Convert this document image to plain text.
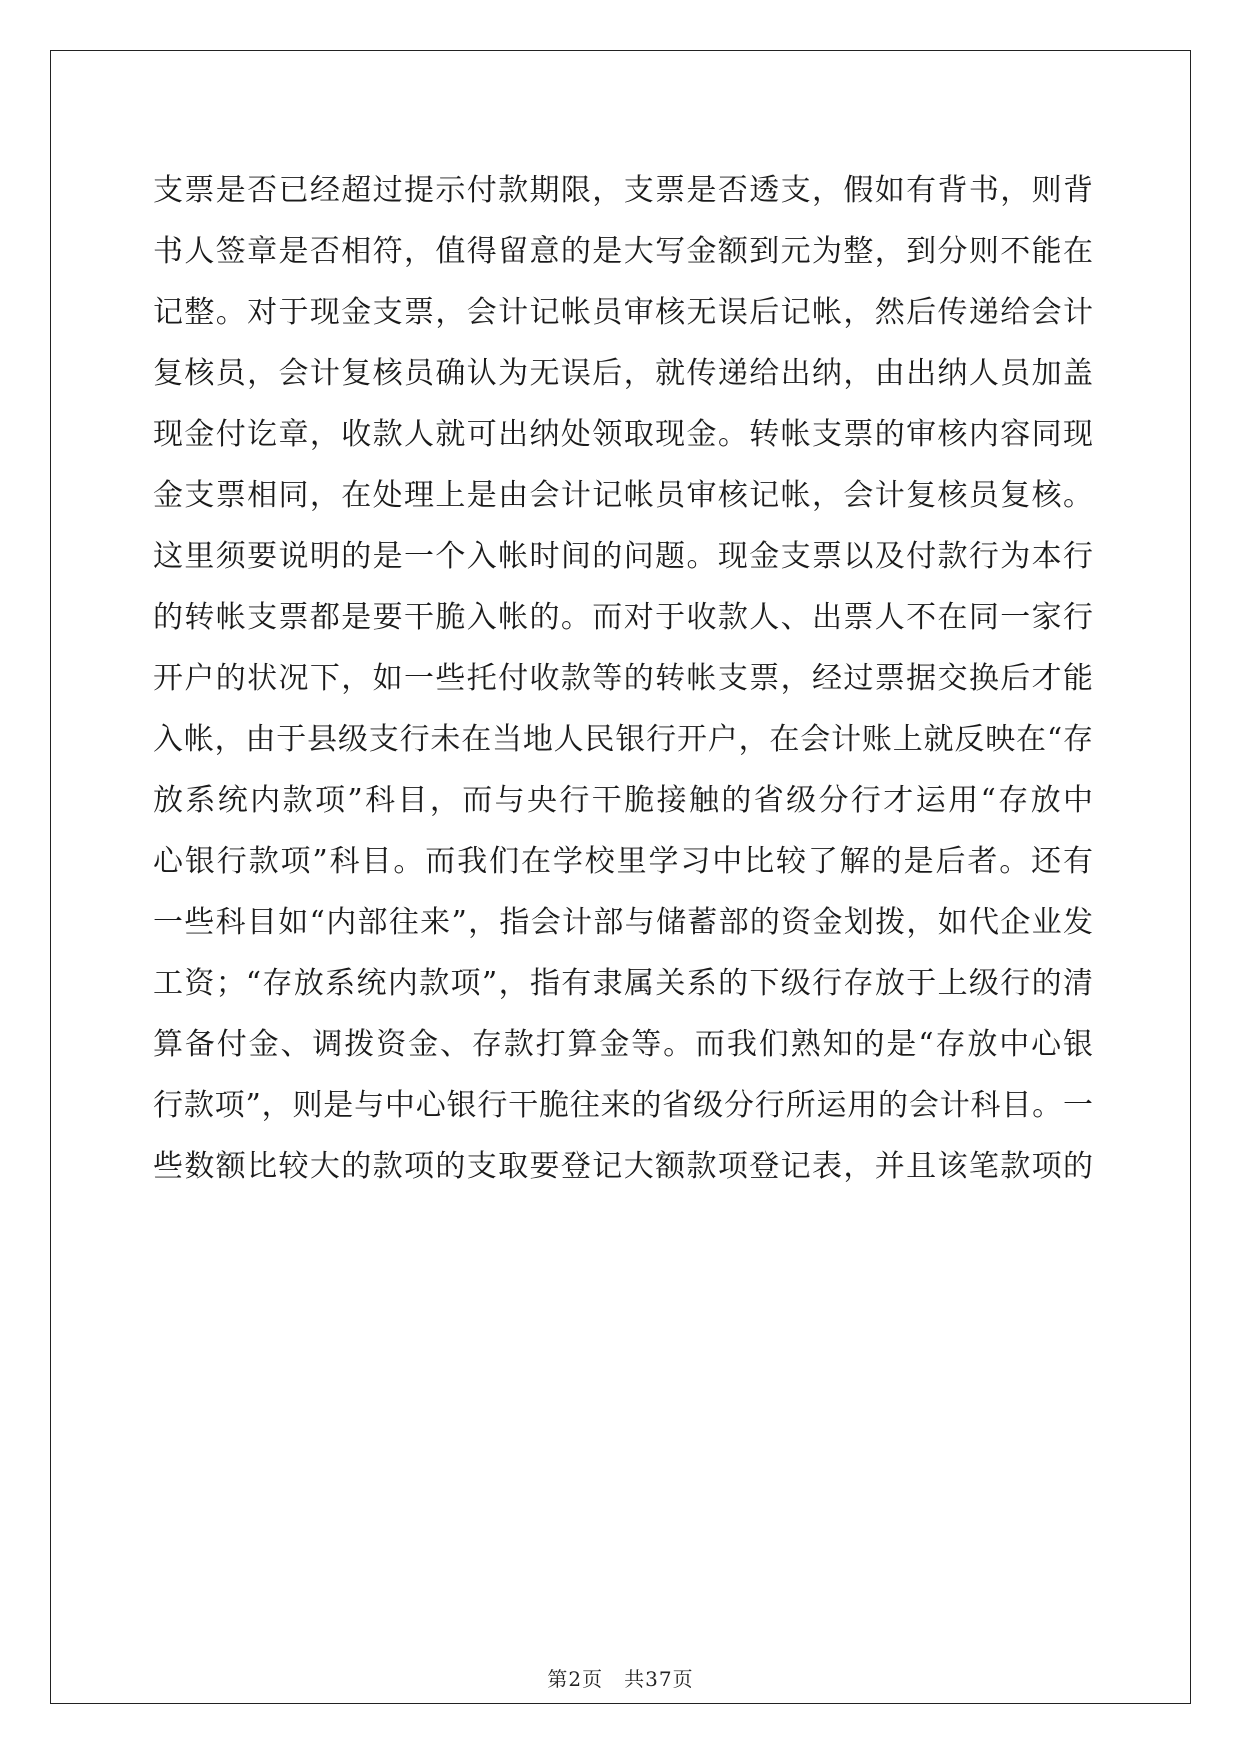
支票是否已经超过提示付款期限，支票是否透支，假如有背书，则背
书人签章是否相符，值得留意的是大写金额到元为整，到分则不能在
记整。对于现金支票，会计记帐员审核无误后记帐，然后传递给会计
复核员，会计复核员确认为无误后，就传递给出纳，由出纳人员加盖
现金付讫章，收款人就可出纳处领取现金。转帐支票的审核内容同现
金支票相同，在处理上是由会计记帐员审核记帐，会计复核员复核。
这里须要说明的是一个入帐时间的问题。现金支票以及付款行为本行
的转帐支票都是要干脆入帐的。而对于收款人、出票人不在同一家行
开户的状况下，如一些托付收款等的转帐支票，经过票据交换后才能
入帐，由于县级支行未在当地人民银行开户，在会计账上就反映在“存
放系统内款项”科目，而与央行干脆接触的省级分行才运用“存放中
心银行款项”科目。而我们在学校里学习中比较了解的是后者。还有
一些科目如“内部往来”，指会计部与储蓄部的资金划拨，如代企业发
工资；“存放系统内款项”，指有隶属关系的下级行存放于上级行的清
算备付金、调拨资金、存款打算金等。而我们熟知的是“存放中心银
行款项”，则是与中心银行干脆往来的省级分行所运用的会计科目。一
些数额比较大的款项的支取要登记大额款项登记表，并且该笔款项的
第2页　共37页
